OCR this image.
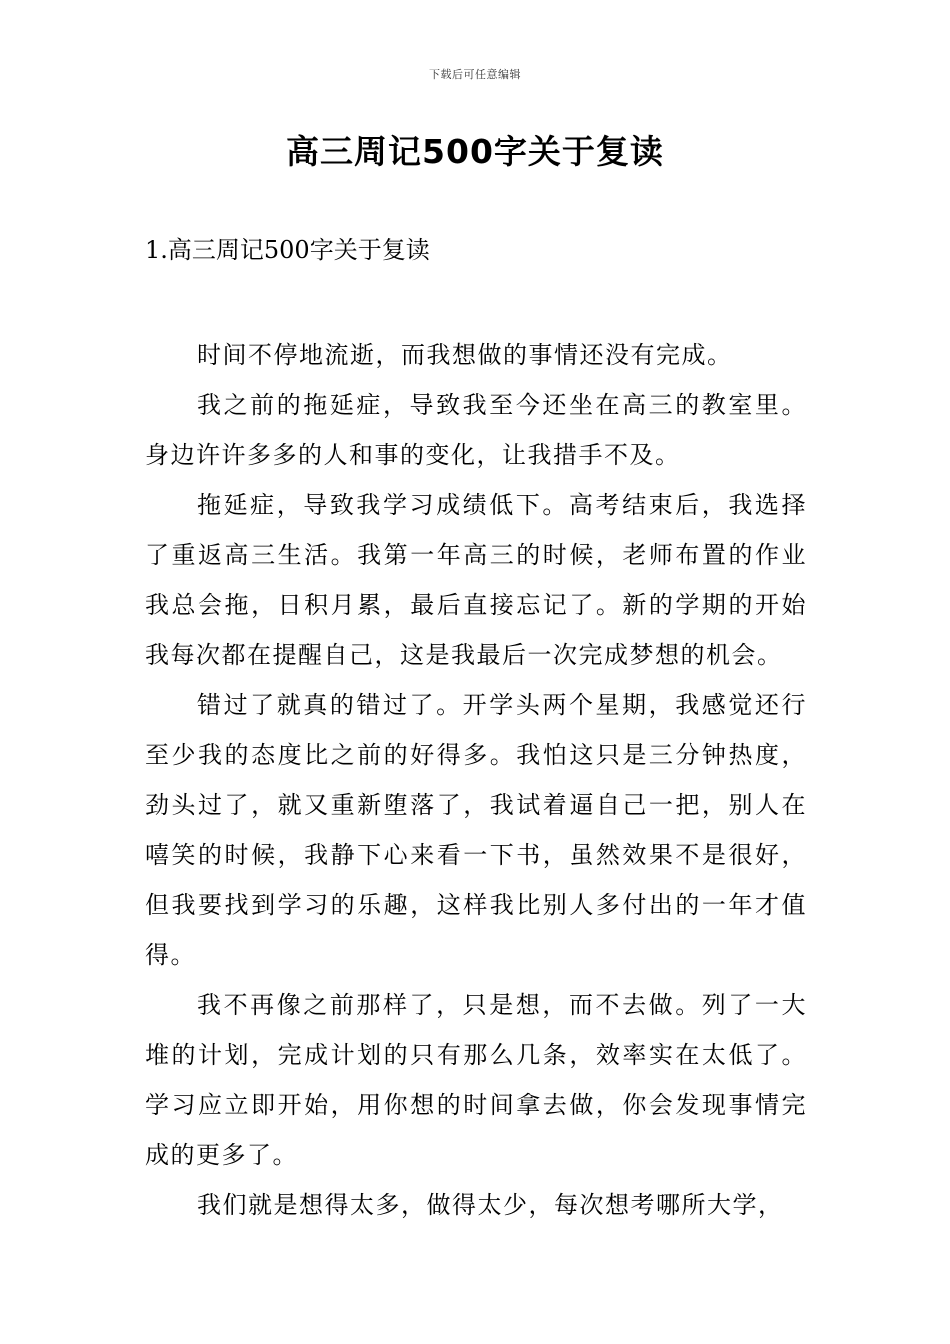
下载后可任意编辑
高三周记500字关于复读
1.高三周记500字关于复读

时间不停地流逝，而我想做的事情还没有完成。

我之前的拖延症，导致我至今还坐在高三的教室里。身边许许多多的人和事的变化，让我措手不及。

拖延症，导致我学习成绩低下。高考结束后，我选择了重返高三生活。我第一年高三的时候，老师布置的作业我总会拖，日积月累，最后直接忘记了。新的学期的开始我每次都在提醒自己，这是我最后一次完成梦想的机会。

错过了就真的错过了。开学头两个星期，我感觉还行至少我的态度比之前的好得多。我怕这只是三分钟热度，劲头过了，就又重新堕落了，我试着逼自己一把，别人在嘻笑的时候，我静下心来看一下书，虽然效果不是很好，但我要找到学习的乐趣，这样我比别人多付出的一年才值得。

我不再像之前那样了，只是想，而不去做。列了一大堆的计划，完成计划的只有那么几条，效率实在太低了。学习应立即开始，用你想的时间拿去做，你会发现事情完成的更多了。

我们就是想得太多，做得太少，每次想考哪所大学，
